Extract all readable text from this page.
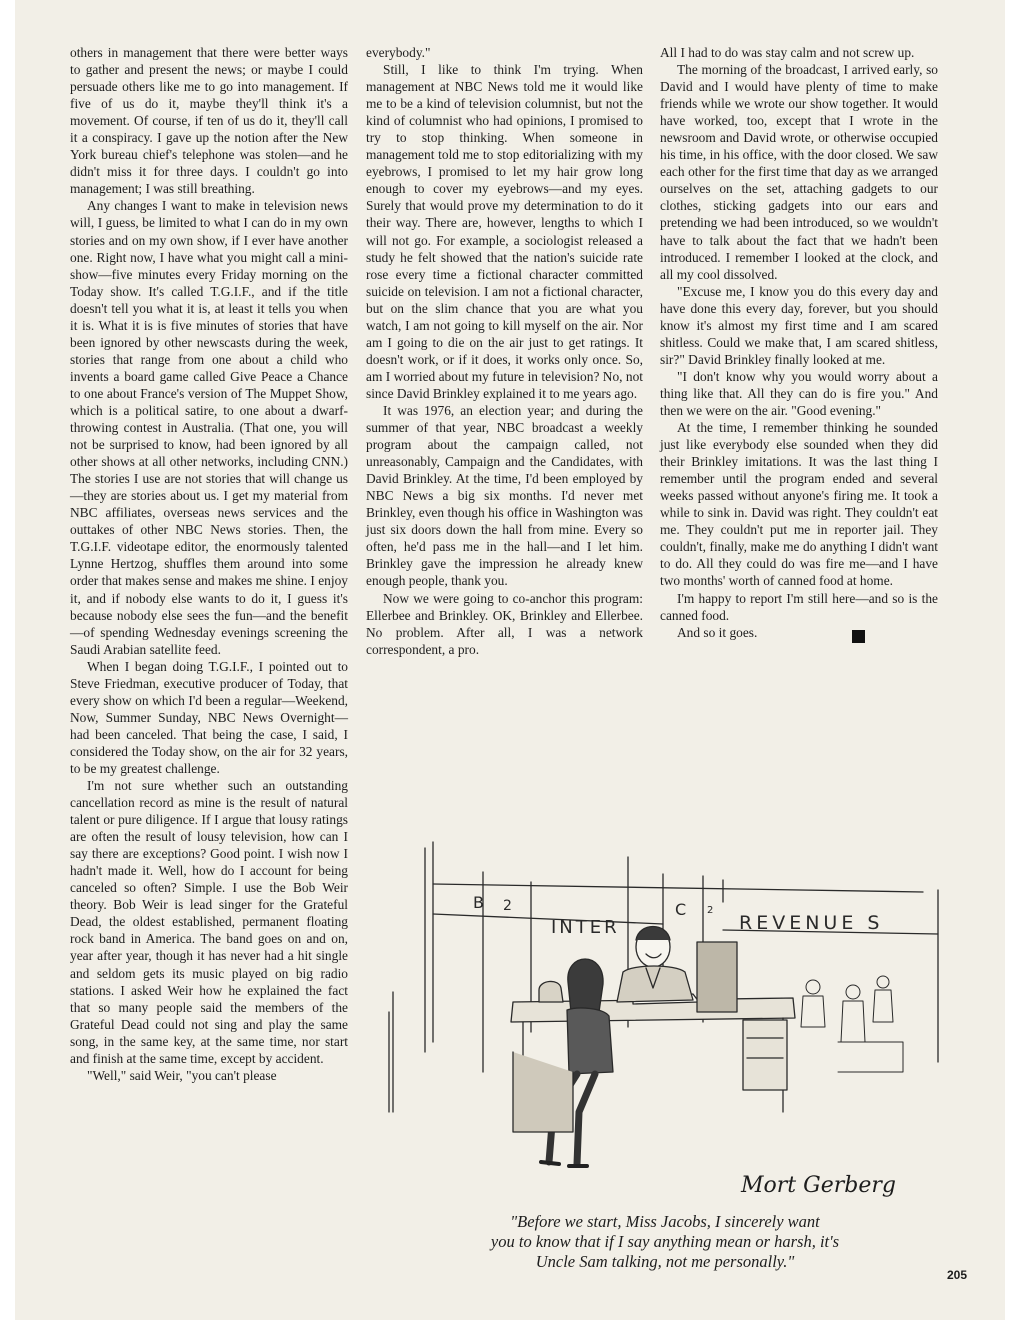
others in management that there were better ways to gather and present the news; or maybe I could persuade others like me to go into management. If five of us do it, maybe they'll think it's a movement. Of course, if ten of us do it, they'll call it a conspiracy. I gave up the notion after the New York bureau chief's telephone was stolen—and he didn't miss it for three days. I couldn't go into management; I was still breathing.

Any changes I want to make in television news will, I guess, be limited to what I can do in my own stories and on my own show, if I ever have another one. Right now, I have what you might call a mini-show—five minutes every Friday morning on the Today show. It's called T.G.I.F., and if the title doesn't tell you what it is, at least it tells you when it is. What it is is five minutes of stories that have been ignored by other newscasts during the week, stories that range from one about a child who invents a board game called Give Peace a Chance to one about France's version of The Muppet Show, which is a political satire, to one about a dwarf-throwing contest in Australia. (That one, you will not be surprised to know, had been ignored by all other shows at all other networks, including CNN.) The stories I use are not stories that will change us—they are stories about us. I get my material from NBC affiliates, overseas news services and the outtakes of other NBC News stories. Then, the T.G.I.F. videotape editor, the enormously talented Lynne Hertzog, shuffles them around into some order that makes sense and makes me shine. I enjoy it, and if nobody else wants to do it, I guess it's because nobody else sees the fun—and the benefit—of spending Wednesday evenings screening the Saudi Arabian satellite feed.

When I began doing T.G.I.F., I pointed out to Steve Friedman, executive producer of Today, that every show on which I'd been a regular—Weekend, Now, Summer Sunday, NBC News Overnight—had been canceled. That being the case, I said, I considered the Today show, on the air for 32 years, to be my greatest challenge.

I'm not sure whether such an outstanding cancellation record as mine is the result of natural talent or pure diligence. If I argue that lousy ratings are often the result of lousy television, how can I say there are exceptions? Good point. I wish now I hadn't made it. Well, how do I account for being canceled so often? Simple. I use the Bob Weir theory. Bob Weir is lead singer for the Grateful Dead, the oldest established, permanent floating rock band in America. The band goes on and on, year after year, though it has never had a hit single and seldom gets its music played on big radio stations. I asked Weir how he explained the fact that so many people said the members of the Grateful Dead could not sing and play the same song, in the same key, at the same time, nor start and finish at the same time, except by accident.

"Well," said Weir, "you can't please

everybody."

Still, I like to think I'm trying. When management at NBC News told me it would like me to be a kind of television columnist, but not the kind of columnist who had opinions, I promised to try to stop thinking. When someone in management told me to stop editorializing with my eyebrows, I promised to let my hair grow long enough to cover my eyebrows—and my eyes. Surely that would prove my determination to do it their way. There are, however, lengths to which I will not go. For example, a sociologist released a study he felt showed that the nation's suicide rate rose every time a fictional character committed suicide on television. I am not a fictional character, but on the slim chance that you are what you watch, I am not going to kill myself on the air. Nor am I going to die on the air just to get ratings. It doesn't work, or if it does, it works only once. So, am I worried about my future in television? No, not since David Brinkley explained it to me years ago.

It was 1976, an election year; and during the summer of that year, NBC broadcast a weekly program about the campaign called, not unreasonably, Campaign and the Candidates, with David Brinkley. At the time, I'd been employed by NBC News a big six months. I'd never met Brinkley, even though his office in Washington was just six doors down the hall from mine. Every so often, he'd pass me in the hall—and I let him. Brinkley gave the impression he already knew enough people, thank you.

Now we were going to co-anchor this program: Ellerbee and Brinkley. OK, Brinkley and Ellerbee. No problem. After all, I was a network correspondent, a pro.

All I had to do was stay calm and not screw up.

The morning of the broadcast, I arrived early, so David and I would have plenty of time to make friends while we wrote our show together. It would have worked, too, except that I wrote in the newsroom and David wrote, or otherwise occupied his time, in his office, with the door closed. We saw each other for the first time that day as we arranged ourselves on the set, attaching gadgets to our clothes, sticking gadgets into our ears and pretending we had been introduced, so we wouldn't have to talk about the fact that we hadn't been introduced. I remember I looked at the clock, and all my cool dissolved.

"Excuse me, I know you do this every day and have done this every day, forever, but you should know it's almost my first time and I am scared shitless. Could we make that, I am scared shitless, sir?" David Brinkley finally looked at me.

"I don't know why you would worry about a thing like that. All they can do is fire you." And then we were on the air. "Good evening."

At the time, I remember thinking he sounded just like everybody else sounded when they did their Brinkley imitations. It was the last thing I remember until the program ended and several weeks passed without anyone's firing me. It took a while to sink in. David was right. They couldn't eat me. They couldn't put me in reporter jail. They couldn't, finally, make me do anything I didn't want to do. All they could do was fire me—and I have two months' worth of canned food at home.

I'm happy to report I'm still here—and so is the canned food.

And so it goes.	✦

B 2	C 2
INTER	REVENUE S
Mort Gerberg
"Before we start, Miss Jacobs, I sincerely want
you to know that if I say anything mean or harsh, it's
Uncle Sam talking, not me personally."
205
